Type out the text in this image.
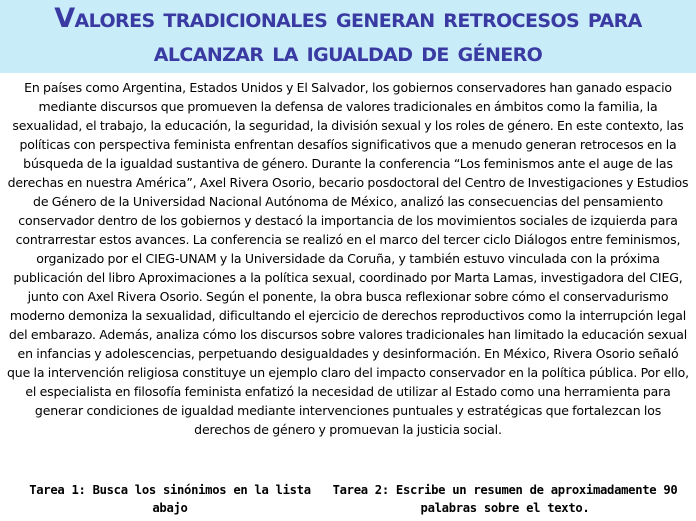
Valores tradicionales generan retrocesos para alcanzar la igualdad de género

En países como Argentina, Estados Unidos y El Salvador, los gobiernos conservadores han ganado espacio mediante discursos que promueven la defensa de valores tradicionales en ámbitos como la familia, la sexualidad, el trabajo, la educación, la seguridad, la división sexual y los roles de género. En este contexto, las políticas con perspectiva feminista enfrentan desafíos significativos que a menudo generan retrocesos en la búsqueda de la igualdad sustantiva de género. Durante la conferencia “Los feminismos ante el auge de las derechas en nuestra América”, Axel Rivera Osorio, becario posdoctoral del Centro de Investigaciones y Estudios de Género de la Universidad Nacional Autónoma de México, analizó las consecuencias del pensamiento conservador dentro de los gobiernos y destacó la importancia de los movimientos sociales de izquierda para contrarrestar estos avances. La conferencia se realizó en el marco del tercer ciclo Diálogos entre feminismos, organizado por el CIEG-UNAM y la Universidade da Coruña, y también estuvo vinculada con la próxima publicación del libro Aproximaciones a la política sexual, coordinado por Marta Lamas, investigadora del CIEG, junto con Axel Rivera Osorio. Según el ponente, la obra busca reflexionar sobre cómo el conservadurismo moderno demoniza la sexualidad, dificultando el ejercicio de derechos reproductivos como la interrupción legal del embarazo. Además, analiza cómo los discursos sobre valores tradicionales han limitado la educación sexual en infancias y adolescencias, perpetuando desigualdades y desinformación. En México, Rivera Osorio señaló que la intervención religiosa constituye un ejemplo claro del impacto conservador en la política pública. Por ello, el especialista en filosofía feminista enfatizó la necesidad de utilizar al Estado como una herramienta para generar condiciones de igualdad mediante intervenciones puntuales y estratégicas que fortalezcan los derechos de género y promuevan la justicia social.

Tarea 1: Busca los sinónimos en la lista abajo
Tarea 2: Escribe un resumen de aproximadamente 90 palabras sobre el texto.
